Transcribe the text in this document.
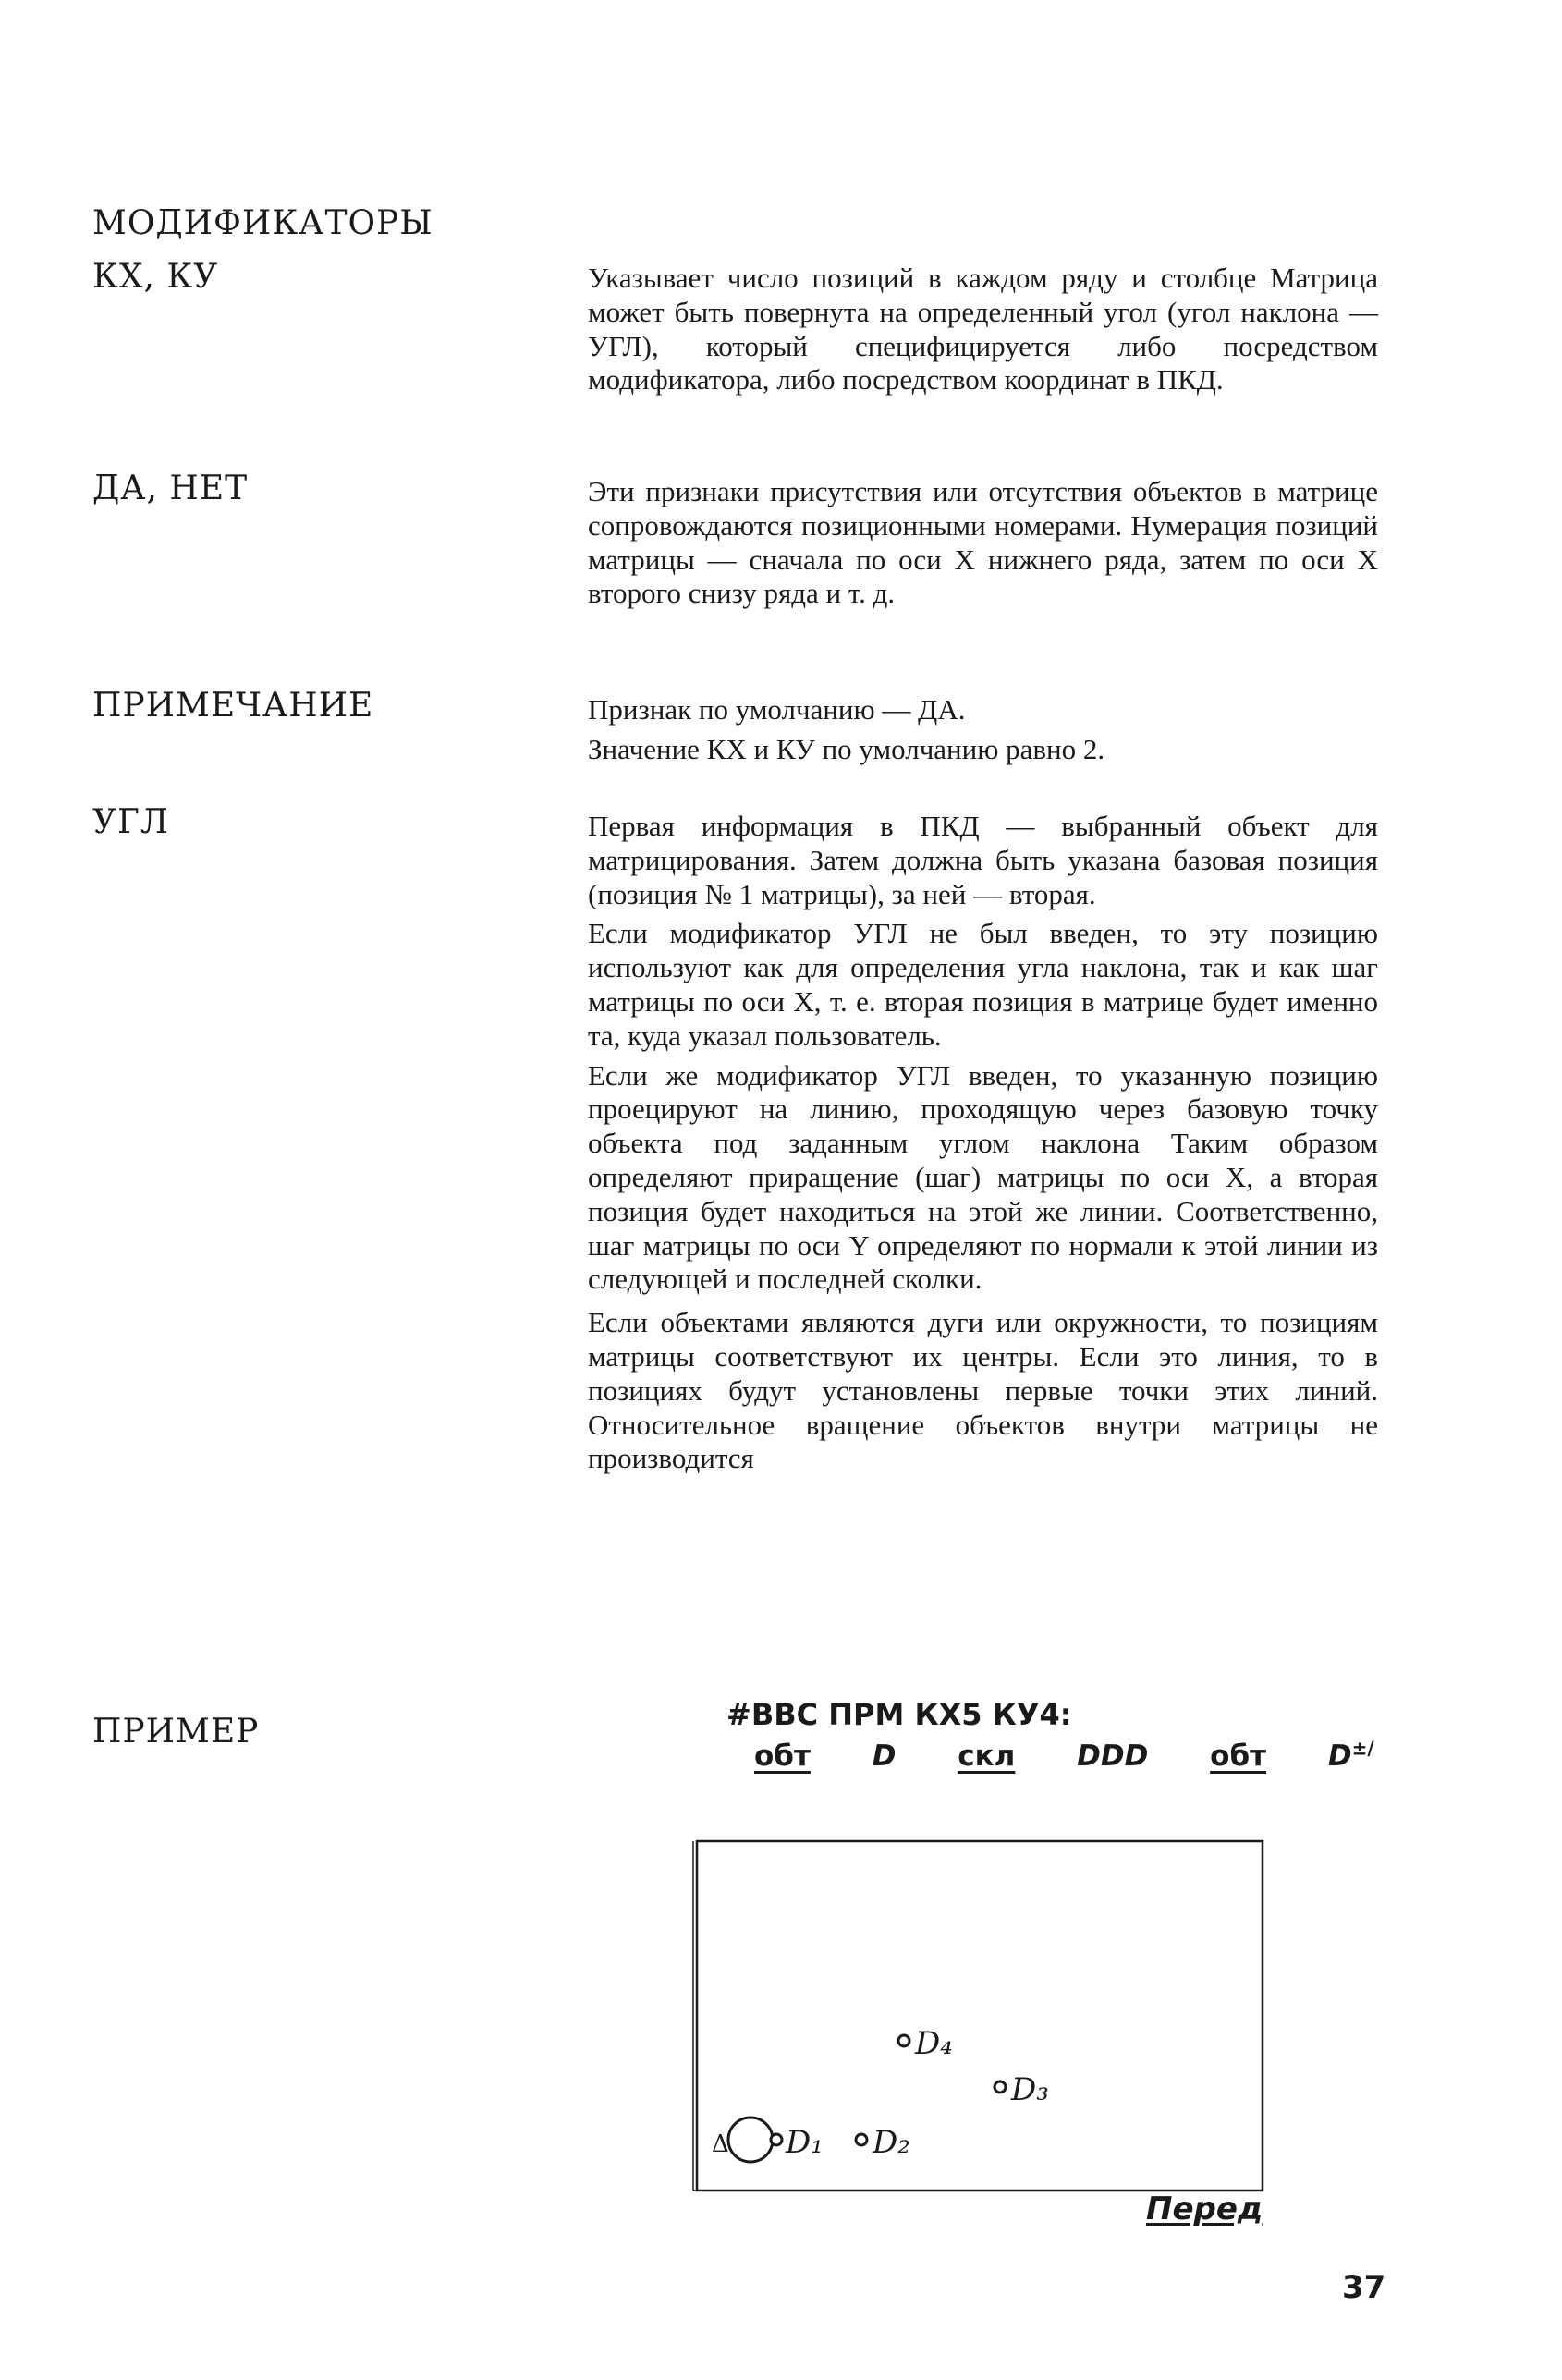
МОДИФИКАТОРЫ
КХ, КУ	Указывает число позиций в каждом ряду и столбце Матрица может быть повернута на определенный угол (угол наклона — УГЛ), который специфицируется либо посредством модификатора, либо посредством координат в ПКД.

ДА, НЕТ	Эти признаки присутствия или отсутствия объектов в матрице сопровождаются позиционными номерами. Нумерация позиций матрицы — сначала по оси X нижнего ряда, затем по оси X второго снизу ряда и т. д.

ПРИМЕЧАНИЕ	Признак по умолчанию — ДА.

Значение КХ и КУ по умолчанию равно 2.

УГЛ	Первая информация в ПКД — выбранный объект для матрицирования. Затем должна быть указана базовая позиция (позиция № 1 матрицы), за ней — вторая.

Если модификатор УГЛ не был введен, то эту позицию используют как для определения угла наклона, так и как шаг матрицы по оси X, т. е. вторая позиция в матрице будет именно та, куда указал пользователь.

Если же модификатор УГЛ введен, то указанную позицию проецируют на линию, проходящую через базовую точку объекта под заданным углом наклона Таким образом определяют приращение (шаг) матрицы по оси X, а вторая позиция будет находиться на этой же линии. Соответственно, шаг матрицы по оси Y определяют по нормали к этой линии из следующей и последней сколки.

Если объектами являются дуги или окружности, то позициям матрицы соответствуют их центры. Если это линия, то в позициях будут установлены первые точки этих линий. Относительное вращение объектов внутри матрицы не производится

ПРИМЕР	#ВВС ПРМ КХ5 КУ4:
обт D скл DDD обт D±/
Δ D₁ D₂
D₃
D₄
Перед
37
